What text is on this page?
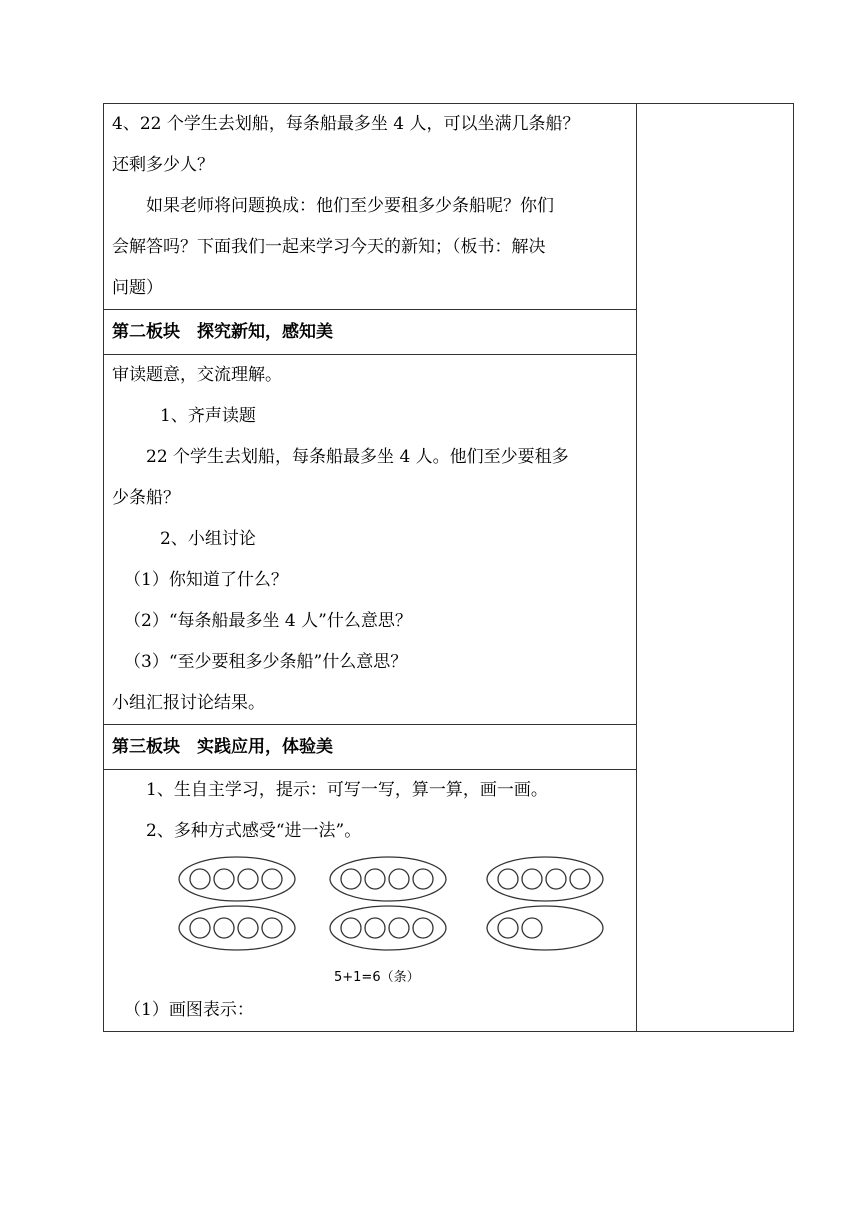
4、22 个学生去划船，每条船最多坐 4 人，可以坐满几条船？
还剩多少人？
如果老师将问题换成：他们至少要租多少条船呢？你们
会解答吗？下面我们一起来学习今天的新知；（板书：解决
问题）

第二板块　探究新知，感知美

审读题意，交流理解。
1、齐声读题
22 个学生去划船，每条船最多坐 4 人。他们至少要租多
少条船？
2、小组讨论
（1）你知道了什么？
（2）“每条船最多坐 4 人”什么意思？
（3）“至少要租多少条船”什么意思？
小组汇报讨论结果。

第三板块　实践应用，体验美

1、生自主学习，提示：可写一写，算一算，画一画。
2、多种方式感受“进一法”。
5+1=6（条）
（1）画图表示：
